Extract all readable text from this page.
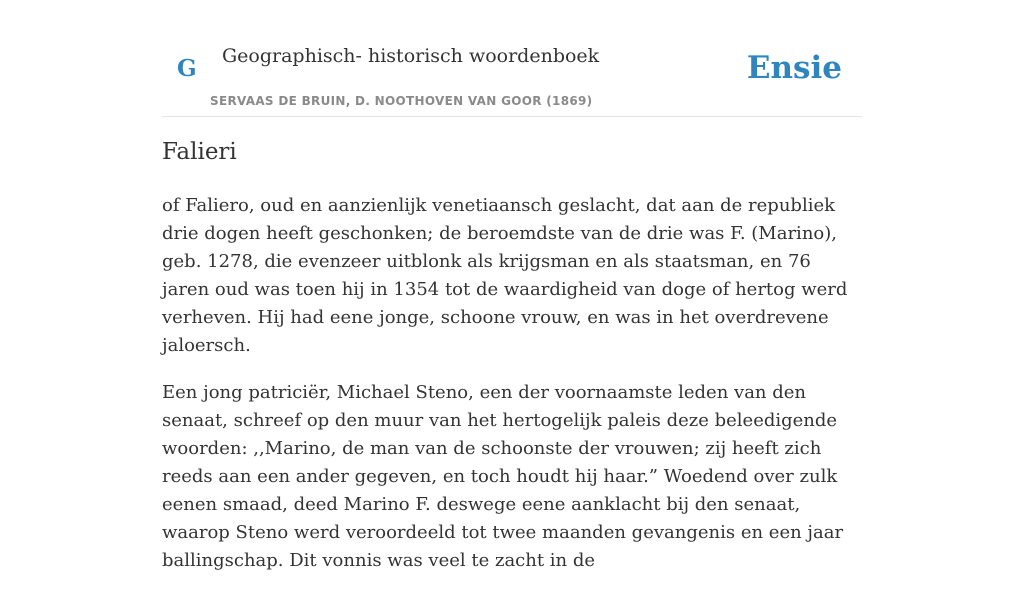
G Geographisch- historisch woordenboek
SERVAAS DE BRUIN, D. NOOTHOVEN VAN GOOR (1869)
Ensie
Falieri

of Faliero, oud en aanzienlijk venetiaansch geslacht, dat aan de republiek drie dogen heeft geschonken; de beroemdste van de drie was F. (Marino), geb. 1278, die evenzeer uitblonk als krijgsman en als staatsman, en 76 jaren oud was toen hij in 1354 tot de waardigheid van doge of hertog werd verheven. Hij had eene jonge, schoone vrouw, en was in het overdrevene jaloersch.

Een jong patriciër, Michael Steno, een der voornaamste leden van den senaat, schreef op den muur van het hertogelijk paleis deze beleedigende woorden: ,,Marino, de man van de schoonste der vrouwen; zij heeft zich reeds aan een ander gegeven, en toch houdt hij haar.” Woedend over zulk eenen smaad, deed Marino F. deswege eene aanklacht bij den senaat, waarop Steno werd veroordeeld tot twee maanden gevangenis en een jaar ballingschap. Dit vonnis was veel te zacht in de
